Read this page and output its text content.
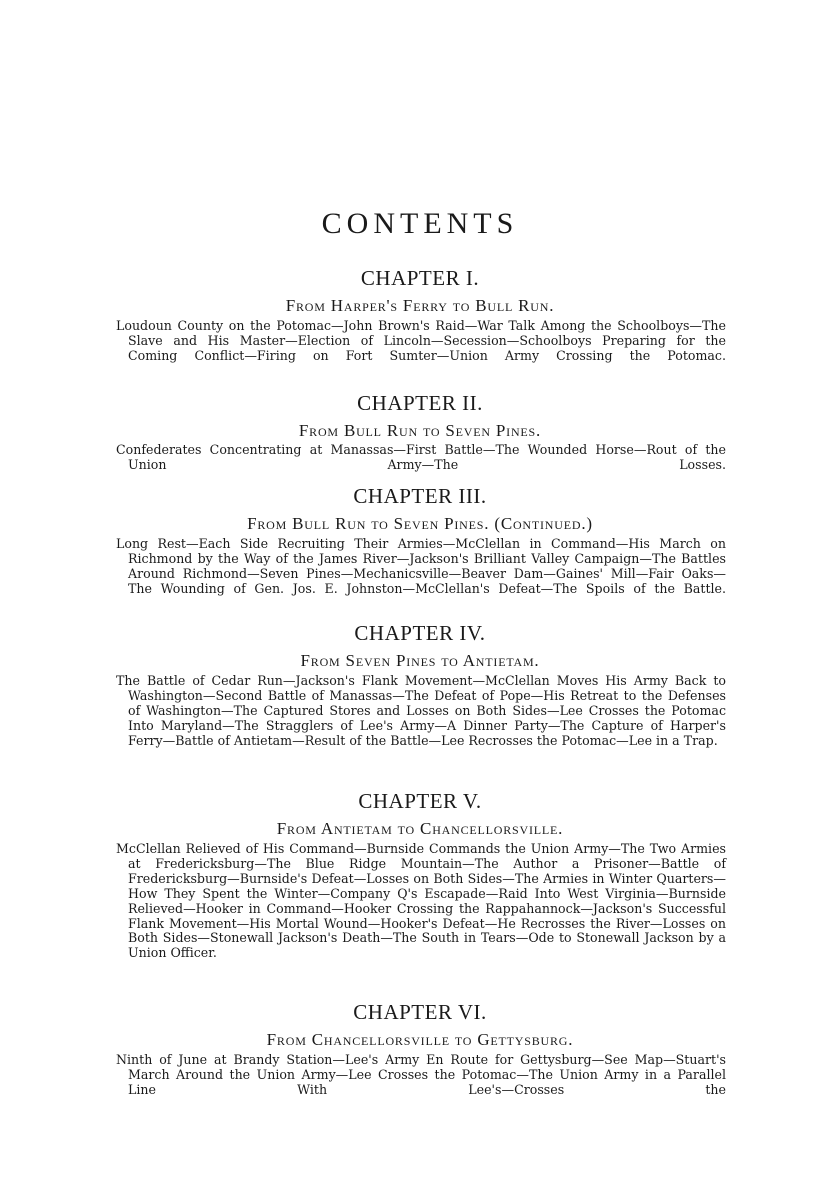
CONTENTS
CHAPTER I.
From Harper's Ferry to Bull Run.
Loudoun County on the Potomac—John Brown's Raid—War Talk Among the Schoolboys—The Slave and His Master—Election of Lincoln—Secession—Schoolboys Preparing for the Coming Conflict—Firing on Fort Sumter—Union Army Crossing the Potomac.
CHAPTER II.
From Bull Run to Seven Pines.
Confederates Concentrating at Manassas—First Battle—The Wounded Horse—Rout of the Union Army—The Losses.
CHAPTER III.
From Bull Run to Seven Pines. (Continued.)
Long Rest—Each Side Recruiting Their Armies—McClellan in Command—His March on Richmond by the Way of the James River—Jackson's Brilliant Valley Campaign—The Battles Around Richmond—Seven Pines—Mechanicsville—Beaver Dam—Gaines' Mill—Fair Oaks—The Wounding of Gen. Jos. E. Johnston—McClellan's Defeat—The Spoils of the Battle.
CHAPTER IV.
From Seven Pines to Antietam.
The Battle of Cedar Run—Jackson's Flank Movement—McClellan Moves His Army Back to Washington—Second Battle of Manassas—The Defeat of Pope—His Retreat to the Defenses of Washington—The Captured Stores and Losses on Both Sides—Lee Crosses the Potomac Into Maryland—The Stragglers of Lee's Army—A Dinner Party—The Capture of Harper's Ferry—Battle of Antietam—Result of the Battle—Lee Recrosses the Potomac—Lee in a Trap.
CHAPTER V.
From Antietam to Chancellorsville.
McClellan Relieved of His Command—Burnside Commands the Union Army—The Two Armies at Fredericksburg—The Blue Ridge Mountain—The Author a Prisoner—Battle of Fredericksburg—Burnside's Defeat—Losses on Both Sides—The Armies in Winter Quarters—How They Spent the Winter—Company Q's Escapade—Raid Into West Virginia—Burnside Relieved—Hooker in Command—Hooker Crossing the Rappahannock—Jackson's Successful Flank Movement—His Mortal Wound—Hooker's Defeat—He Recrosses the River—Losses on Both Sides—Stonewall Jackson's Death—The South in Tears—Ode to Stonewall Jackson by a Union Officer.
CHAPTER VI.
From Chancellorsville to Gettysburg.
Ninth of June at Brandy Station—Lee's Army En Route for Gettysburg—See Map—Stuart's March Around the Union Army—Lee Crosses the Potomac—The Union Army in a Parallel Line With Lee's—Crosses the
